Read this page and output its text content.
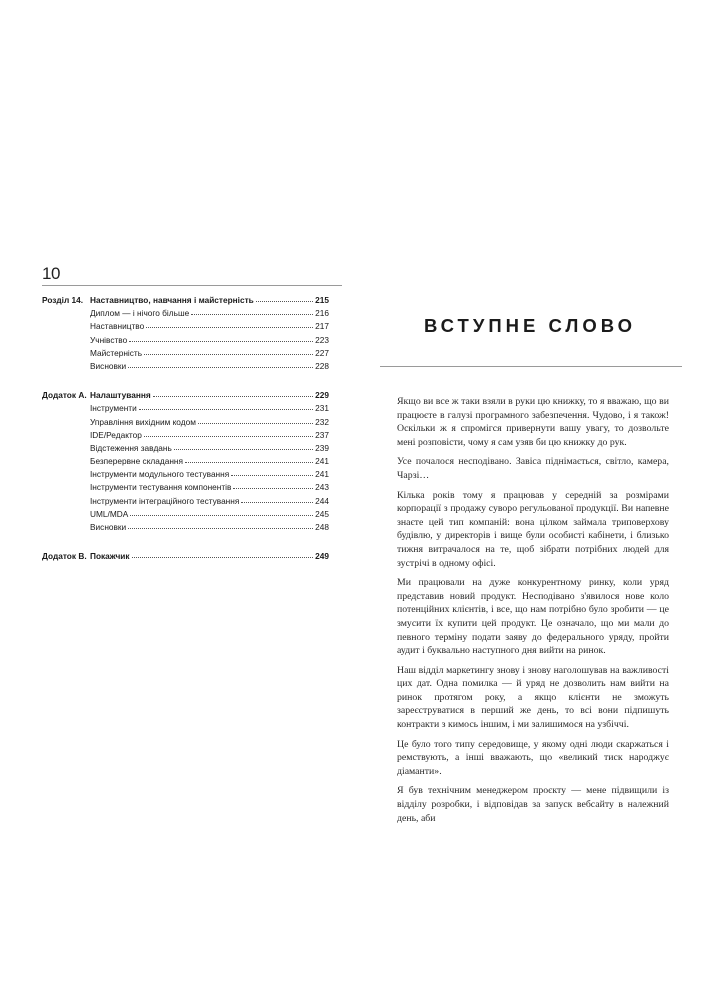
10
Розділ 14. Наставництво, навчання і майстерність	215
Диплом — і нічого більше	216
Наставництво	217
Учнівство	223
Майстерність	227
Висновки	228
Додаток А. Налаштування	229
Інструменти	231
Управління вихідним кодом	232
IDE/Редактор	237
Відстеження завдань	239
Безперервне складання	241
Інструменти модульного тестування	241
Інструменти тестування компонентів	243
Інструменти інтеграційного тестування	244
UML/MDA	245
Висновки	248
Додаток В. Покажчик	249
ВСТУПНЕ СЛОВО

Якщо ви все ж таки взяли в руки цю книжку, то я вважаю, що ви працюєте в галузі програмного забезпечення. Чудово, і я також! Оскільки ж я спромігся привернути вашу увагу, то дозвольте мені розповісти, чому я сам узяв би цю книжку до рук.

Усе почалося несподівано. Завіса піднімається, світло, камера, Чарзі…

Кілька років тому я працював у середній за розмірами корпорації з продажу суворо регульованої продукції. Ви напевне знаєте цей тип компаній: вона цілком займала триповерхову будівлю, у директорів і вище були особисті кабінети, і близько тижня витрачалося на те, щоб зібрати потрібних людей для зустрічі в одному офісі.

Ми працювали на дуже конкурентному ринку, коли уряд представив новий продукт. Несподівано з'явилося нове коло потенційних клієнтів, і все, що нам потрібно було зробити — це змусити їх купити цей продукт. Це означало, що ми мали до певного терміну подати заяву до федерального уряду, пройти аудит і буквально наступного дня вийти на ринок.

Наш відділ маркетингу знову і знову наголошував на важливості цих дат. Одна помилка — й уряд не дозволить нам вийти на ринок протягом року, а якщо клієнти не зможуть зареєструватися в перший же день, то всі вони підпишуть контракти з кимось іншим, і ми залишимося на узбіччі.

Це було того типу середовище, у якому одні люди скаржаться і ремствують, а інші вважають, що «великий тиск народжує діаманти».

Я був технічним менеджером проєкту — мене підвищили із відділу розробки, і відповідав за запуск вебсайту в належний день, аби
